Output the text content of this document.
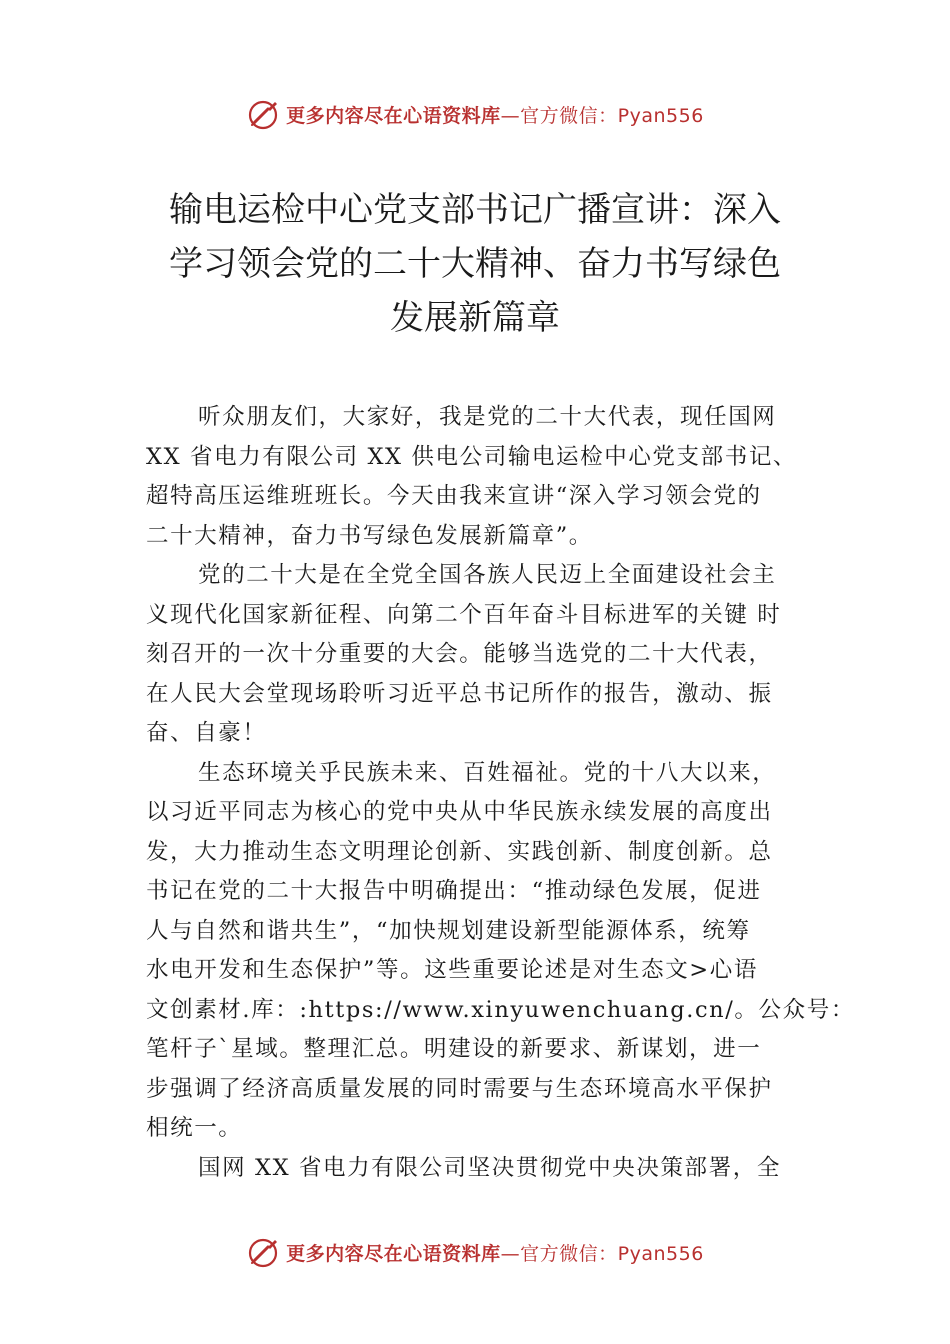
更多内容尽在心语资料库 —官方微信：Pyan556
输电运检中心党支部书记广播宣讲：深入
学习领会党的二十大精神、奋力书写绿色
发展新篇章
听众朋友们，大家好，我是党的二十大代表，现任国网
XX 省电力有限公司 XX 供电公司输电运检中心党支部书记、
超特高压运维班班长。今天由我来宣讲“深入学习领会党的
二十大精神，奋力书写绿色发展新篇章”。
党的二十大是在全党全国各族人民迈上全面建设社会主
义现代化国家新征程、向第二个百年奋斗目标进军的关键 时
刻召开的一次十分重要的大会。能够当选党的二十大代表，
在人民大会堂现场聆听习近平总书记所作的报告，激动、振
奋、自豪！
生态环境关乎民族未来、百姓福祉。党的十八大以来，
以习近平同志为核心的党中央从中华民族永续发展的高度出
发，大力推动生态文明理论创新、实践创新、制度创新。总
书记在党的二十大报告中明确提出：“推动绿色发展，促进
人与自然和谐共生”，“加快规划建设新型能源体系，统筹
水电开发和生态保护”等。这些重要论述是对生态文>心语
文创素材.库：:https://www.xinyuwenchuang.cn/。公众号：
笔杆子`星域。整理汇总。明建设的新要求、新谋划，进一
步强调了经济高质量发展的同时需要与生态环境高水平保护
相统一。
国网 XX 省电力有限公司坚决贯彻党中央决策部署，全
更多内容尽在心语资料库 —官方微信：Pyan556
